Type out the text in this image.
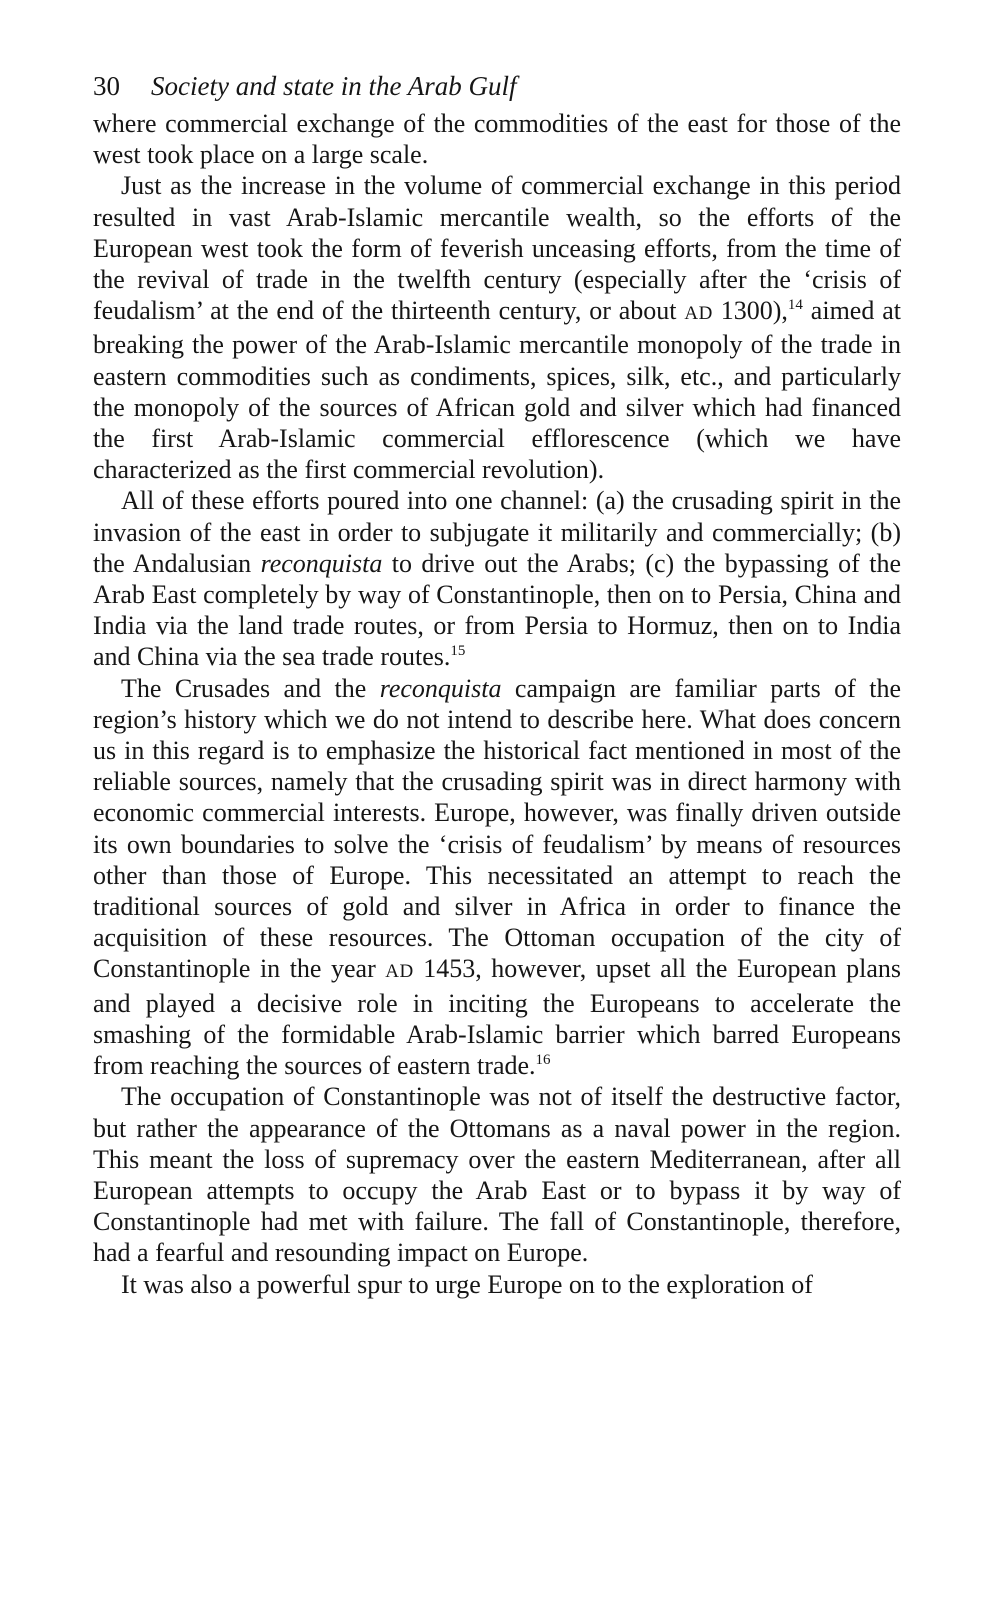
30 Society and state in the Arab Gulf

where commercial exchange of the commodities of the east for those of the west took place on a large scale.

Just as the increase in the volume of commercial exchange in this period resulted in vast Arab-Islamic mercantile wealth, so the efforts of the European west took the form of feverish unceasing efforts, from the time of the revival of trade in the twelfth century (especially after the ‘crisis of feudalism’ at the end of the thirteenth century, or about AD 1300),$^{14}$ aimed at breaking the power of the Arab-Islamic mercantile monopoly of the trade in eastern commodities such as condiments, spices, silk, etc., and particularly the monopoly of the sources of African gold and silver which had financed the first Arab-Islamic commercial efflorescence (which we have characterized as the first commercial revolution).

All of these efforts poured into one channel: (a) the crusading spirit in the invasion of the east in order to subjugate it militarily and commercially; (b) the Andalusian reconquista to drive out the Arabs; (c) the bypassing of the Arab East completely by way of Constantinople, then on to Persia, China and India via the land trade routes, or from Persia to Hormuz, then on to India and China via the sea trade routes.$^{15}$

The Crusades and the reconquista campaign are familiar parts of the region’s history which we do not intend to describe here. What does concern us in this regard is to emphasize the historical fact mentioned in most of the reliable sources, namely that the crusading spirit was in direct harmony with economic commercial interests. Europe, however, was finally driven outside its own boundaries to solve the ‘crisis of feudalism’ by means of resources other than those of Europe. This necessitated an attempt to reach the traditional sources of gold and silver in Africa in order to finance the acquisition of these resources. The Ottoman occupation of the city of Constantinople in the year AD 1453, however, upset all the European plans and played a decisive role in inciting the Europeans to accelerate the smashing of the formidable Arab-Islamic barrier which barred Europeans from reaching the sources of eastern trade.$^{16}$

The occupation of Constantinople was not of itself the destructive factor, but rather the appearance of the Ottomans as a naval power in the region. This meant the loss of supremacy over the eastern Mediterranean, after all European attempts to occupy the Arab East or to bypass it by way of Constantinople had met with failure. The fall of Constantinople, therefore, had a fearful and resounding impact on Europe.

It was also a powerful spur to urge Europe on to the exploration of
